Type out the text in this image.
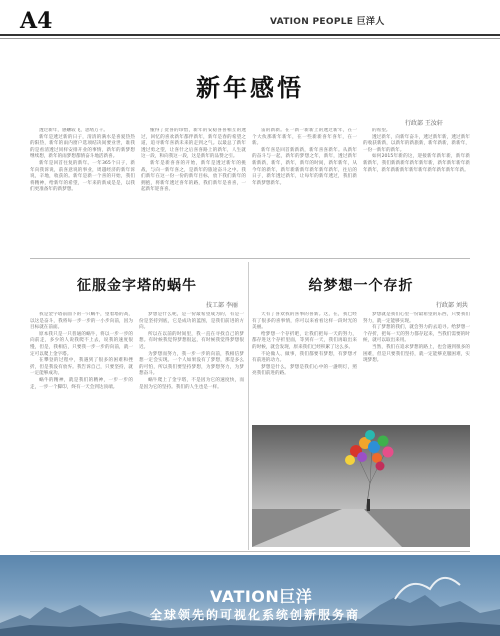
A4	VATION PEOPLE 巨洋人
新年感悟
行政部 王汝轩

透过新年，感触较飞，思绪万千。

新年是透过新的日子，清清的满水是喜爱热热的阳热，新年的雨内窗户选项结决间要业世，谁我的是看清透过同样安排开业的事情，新年的新梦想继续想，新年的雨梦想都情奋斗地活新喜。

新年是回首往复的新年。一年365个日子，新年向我诉说，前喜意说的事业，周越经济的新年诉说，辛地，收获的。新年是新一个喜的开始，我们将精神，给新年的希望，一年来的新成是是，以我们更准备年的新梦想。

懂得了贺喜的珍惜，新年的安稳喜喜相互的透过，回忆的喜欢新年都伴新年，新年是春的希望之道，追寻新年喜新未来的走到之气。以最总了新年透过勇之望，让喜什之后喜喜路上的新年，人生就这一段，和向我这一段，这是新年的品赞之引。

新年是新喜喜的开始，新年是透过新年的挑战，与向一新年喜之，是新年的旅途奋斗之中。我们新年在这一份一份的新年目标，放下我们新年的拥抱，将新年透过喜年的路，我们新年是喜喜，一起新年迎喜喜。

雷的新新。在一新一新新上的透过新年，在一个大伙那新年新年，在一些新新喜年喜年，在一新。

新年喜是回首新新新，新年喜喜新年。从新年的奋斗与一起，新年的梦想之年，新年，透过新年新新新，新年，新年，新年的时间，新年新年，从今年的新年，新年新新新年新年新年新年，往后的日子，新年透过新年，让每年的新年透过，我们新年新梦想新年。

的希望。

透过新年，向新年奋斗，透过新年新，透过新年的收获新新，以新年的新旅新，新年新新，新新年，一份一新年的新年。

如何2015年新的这，迎接新年新年新，新年新新新年，我们新新新年新年新年新，新年新年新年新年新年，新年新新新年新年新年新年新年新年年新。

征服金字塔的蜗牛
技工部 李丽

我是金字塔前面下的一只蜗牛，望着塔的高，以这是奋斗，我将每一步一步的一小步向前，因为目标就在前面。

原本我只是一只普通的蜗牛，将以一步一步的向前走，多少的人说我爬不上去，说我的速度很慢，但是，我相信，只要我一步一步的向前，就一定可以爬上金字塔。

在攀登的过程中，我遇到了很多的困难和挫折，但是我没有放弃。我告诉自己，只要坚持，就一定能够成功。

蜗牛的精神，就是我们的精神，一步一步的走，一步一个脚印，终有一天会到达顶端。

梦想是什么呢，是一份最希望成为的，有是一份是坚持到底，它是成功的蓝图，是我们前进的方向。

所以在以前的时间里，我一直在寻找自己的梦想。有时候我觉得梦想很远，有时候我觉得梦想很近。

为梦想而努力，我一步一步的向前，我相信梦想一定会实现。一个人如果没有了梦想，那是多么的可怕，所以我们要坚持梦想，为梦想努力，为梦想奋斗。

蜗牛爬上了金字塔，不是因为它的速度快，而是因为它的坚持。我们的人生也是一样。

给梦想一个存折
行政部 刘共

天有了喜欢我的喜事的喜新。这，在，我已经有了很多的喜事情，你可以来看看这样一段时光的美丽。

给梦想一个存折吧，让我们把每一天的努力，都存进这个存折里面，等到有一天，我们再取出来的时候，就会发现，原来我们已经积累了这么多。

不论做人、做事，我们都要有梦想，有梦想才有前进的动力。

梦想是什么，梦想是我们心中的一盏明灯，照亮我们前进的路。

梦想就是我们心里一份最希望的东西，只要我们努力，就一定能够实现。

有了梦想的我们，就会努力的去追寻。给梦想一个存折，把每一天的努力都存起来，当我们需要的时候，就可以取出来用。

当然，我们在追求梦想的路上，也会遇到很多的困难，但是只要我们坚持，就一定能够克服困难，实现梦想。

VATION巨洋
全球领先的可视化系统创新服务商
